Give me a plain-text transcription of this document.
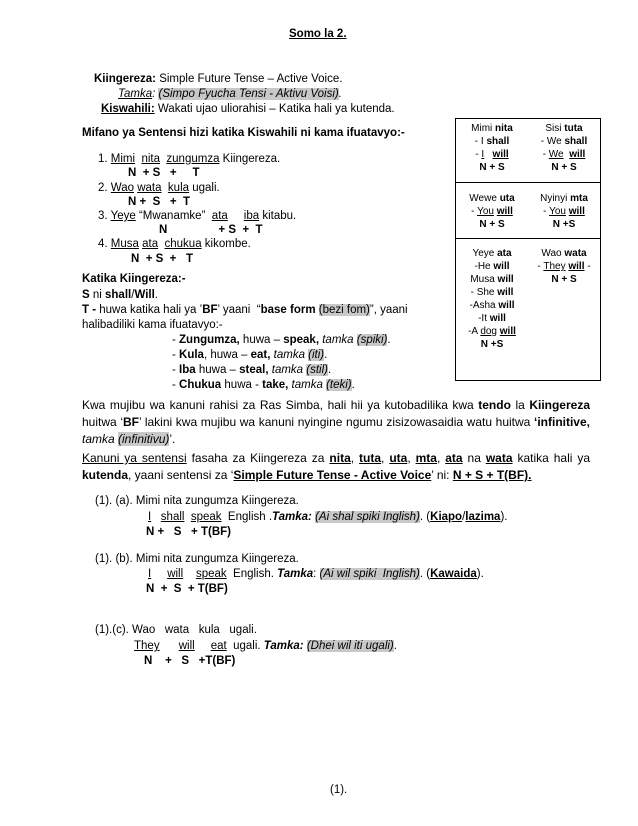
Somo la 2.
Kiingereza: Simple Future Tense – Active Voice.
Tamka: (Simpo Fyucha Tensi - Aktivu Voisi).
Kiswahili: Wakati ujao uliorahisi – Katika hali ya kutenda.
Mifano ya Sentensi hizi katika Kiswahili ni kama ifuatavyo:-
1. Mimi nita zungumza Kiingereza.
N  + S   +     T
2. Wao wata kula ugali.
N +  S   +  T
3. Yeye “Mwanamke”  ata iba kitabu.
N                + S  +  T
4. Musa ata chukua kikombe.
N  + S  +   T
Mimi nita
- I shall
- I will
N + S
Sisi tuta
- We shall
- We will
N + S
Wewe uta
- You will
N + S
Nyinyi mta
- You will
N +S
Yeye ata
-He will
Musa will
- She will
-Asha will
-It will
-A dog will
N +S
Wao wata
- They will -
N + S
Katika Kiingereza:-
S ni shall/Will.
T - huwa katika hali ya ’BF’ yaani  “base form (bezi fom)”, yaani
halibadiliki kama ifuatavyo:-
- Zungumza, huwa – speak, tamka (spiki).
- Kula, huwa – eat, tamka (iti).
- Iba huwa – steal, tamka (stil).
- Chukua huwa - take, tamka (teki).
Kwa mujibu wa kanuni rahisi za Ras Simba, hali hii ya kutobadilika kwa tendo la Kiingereza huitwa ‘BF’ lakini kwa mujibu wa kanuni nyingine ngumu zisizowasaidia watu huitwa ‘infinitive, tamka (infinitivu)’.
Kanuni ya sentensi fasaha za Kiingereza za nita, tuta, uta, mta, ata na wata katika hali ya kutenda, yaani sentensi za ‘Simple Future Tense - Active Voice’ ni: N + S + T(BF).
(1). (a). Mimi nita zungumza Kiingereza.
I shall speak  English .Tamka: (Ai shal spiki Inglish). (Kiapo/lazima).
N +   S   + T(BF)
(1). (b). Mimi nita zungumza Kiingereza.
I will speak  English. Tamka: (Ai wil spiki  Inglish). (Kawaida).
N  +  S  + T(BF)
(1).(c). Wao   wata   kula   ugali.
They will eat  ugali. Tamka: (Dhei wil iti ugali).
N    +   S   +T(BF)
(1).
